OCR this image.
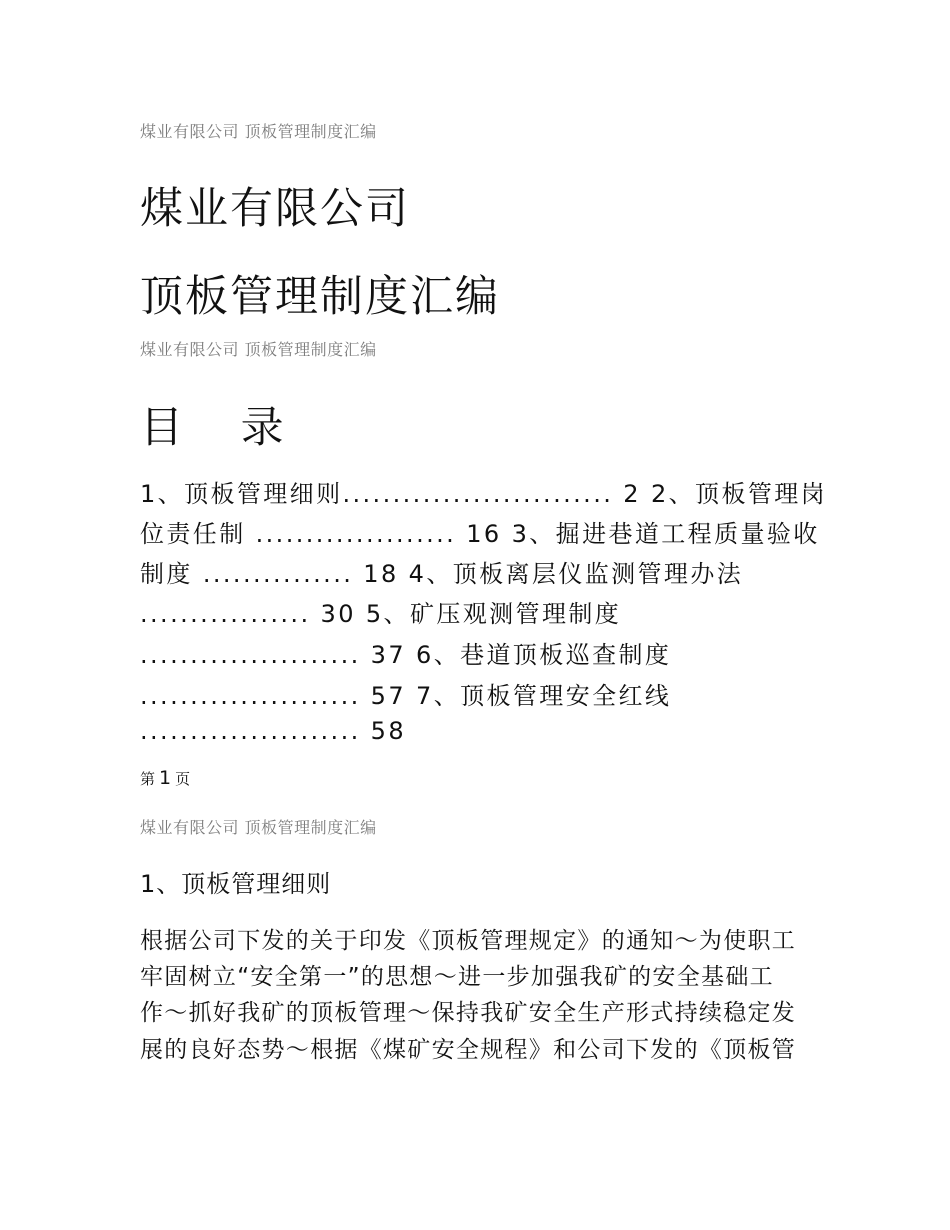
煤业有限公司 顶板管理制度汇编
煤业有限公司
顶板管理制度汇编
煤业有限公司 顶板管理制度汇编
目 录
1、顶板管理细则........................... 2 2、顶板管理岗
位责任制 .................... 16 3、掘进巷道工程质量验收
制度 ............... 18 4、顶板离层仪监测管理办法
................. 30 5、矿压观测管理制度
...................... 37 6、巷道顶板巡查制度
...................... 57 7、顶板管理安全红线
...................... 58
第 1 页
煤业有限公司 顶板管理制度汇编
1、顶板管理细则
根据公司下发的关于印发《顶板管理规定》的通知～为使职工
牢固树立“安全第一”的思想～进一步加强我矿的安全基础工
作～抓好我矿的顶板管理～保持我矿安全生产形式持续稳定发
展的良好态势～根据《煤矿安全规程》和公司下发的《顶板管
